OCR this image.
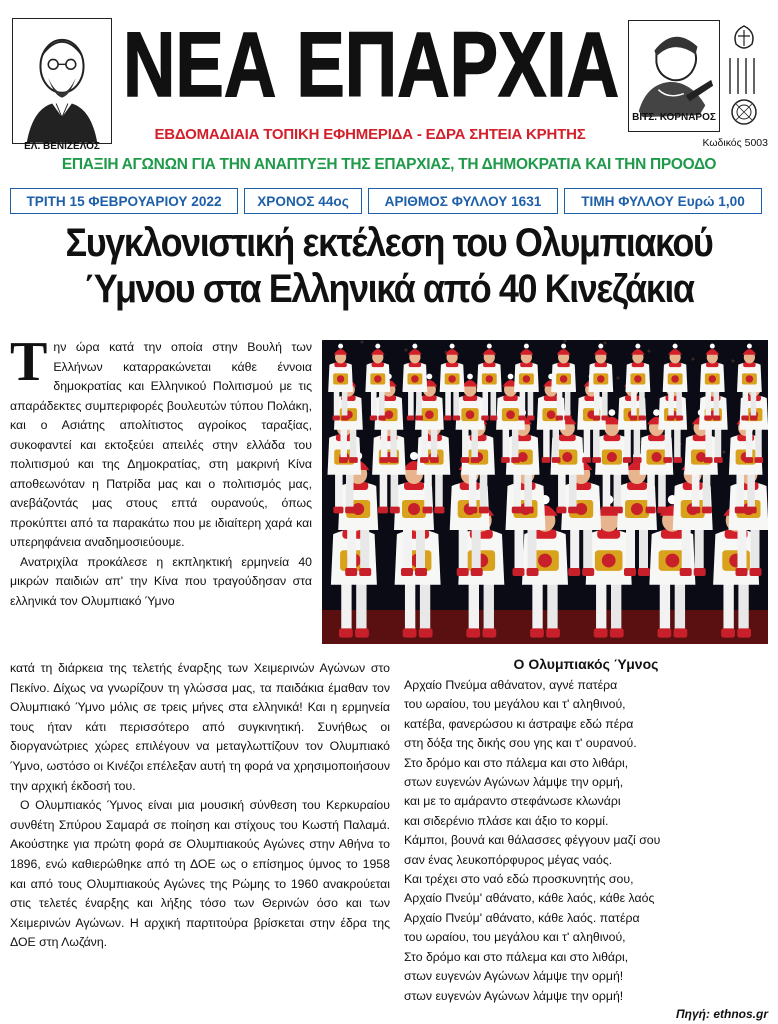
ΕΛ. ΒΕΝΙΖΕΛΟΣ
ΝΕΑ ΕΠΑΡΧΙΑ
ΒΙΤΣ. ΚΟΡΝΑΡΟΣ
Κωδικός 5003
ΕΒΔΟΜΑΔΙΑΙΑ ΤΟΠΙΚΗ ΕΦΗΜΕΡΙΔΑ - ΕΔΡΑ ΣΗΤΕΙΑ ΚΡΗΤΗΣ
ΕΠΑΞΙΗ ΑΓΩΝΩΝ ΓΙΑ ΤΗΝ ΑΝΑΠΤΥΞΗ ΤΗΣ ΕΠΑΡΧΙΑΣ, ΤΗ ΔΗΜΟΚΡΑΤΙΑ ΚΑΙ ΤΗΝ ΠΡΟΟΔΟ
ΤΡΙΤΗ 15 ΦΕΒΡΟΥΑΡΙΟΥ 2022	ΧΡΟΝΟΣ 44ος	ΑΡΙΘΜΟΣ ΦΥΛΛΟΥ 1631	ΤΙΜΗ ΦΥΛΛΟΥ Ευρώ 1,00
Συγκλονιστική εκτέλεση του Ολυμπιακού
Ύμνου στα Ελληνικά από 40 Κινεζάκια

Την ώρα κατά την οποία στην Βουλή των Ελλήνων καταρρακώνεται κάθε έννοια δημοκρατίας και Ελληνικού Πολιτισμού με τις απαράδεκτες συμπεριφορές βουλευτών τύπου Πολάκη, και ο Ασιάτης απολίτιστος αγροίκος ταραξίας, συκοφαντεί και εκτοξεύει απειλές στην ελλάδα του πολιτισμού και της Δημοκρατίας, στη μακρινή Κίνα αποθεωνόταν η Πατρίδα μας και ο πολιτισμός μας, ανεβάζοντάς μας στους επτά ουρανούς, όπως προκύπτει από τα παρακάτω που με ιδιαίτερη χαρά και υπερηφάνεια αναδημοσιεύουμε.

Ανατριχίλα προκάλεσε η εκπληκτική ερμηνεία 40 μικρών παιδιών απ' την Κίνα που τραγούδησαν στα ελληνικά τον Ολυμπιακό Ύμνο

κατά τη διάρκεια της τελετής έναρξης των Χειμερινών Αγώνων στο Πεκίνο. Δίχως να γνωρίζουν τη γλώσσα μας, τα παιδάκια έμαθαν τον Ολυμπιακό Ύμνο μόλις σε τρεις μήνες στα ελληνικά! Και η ερμηνεία τους ήταν κάτι περισσότερο από συγκινητική. Συνήθως οι διοργανώτριες χώρες επιλέγουν να μεταγλωττίζουν τον Ολυμπιακό Ύμνο, ωστόσο οι Κινέζοι επέλεξαν αυτή τη φορά να χρησιμοποιήσουν την αρχική έκδοσή του.

Ο Ολυμπιακός Ύμνος είναι μια μουσική σύνθεση του Κερκυραίου συνθέτη Σπύρου Σαμαρά σε ποίηση και στίχους του Κωστή Παλαμά. Ακούστηκε για πρώτη φορά σε Ολυμπιακούς Αγώνες στην Αθήνα το 1896, ενώ καθιερώθηκε από τη ΔΟΕ ως ο επίσημος ύμνος το 1958 και από τους Ολυμπιακούς Αγώνες της Ρώμης το 1960 ανακρούεται στις τελετές έναρξης και λήξης τόσο των Θερινών όσο και των Χειμερινών Αγώνων. Η αρχική παρτιτούρα βρίσκεται στην έδρα της ΔΟΕ στη Λωζάνη.

Ο Ολυμπιακός Ύμνος
Αρχαίο Πνεύμα αθάνατον, αγνέ πατέρα
του ωραίου, του μεγάλου και τ' αληθινού,
κατέβα, φανερώσου κι άστραψε εδώ πέρα
στη δόξα της δικής σου γης και τ' ουρανού.
Στο δρόμο και στο πάλεμα και στο λιθάρι,
στων ευγενών Αγώνων λάμψε την ορμή,
και με το αμάραντο στεφάνωσε κλωνάρι
και σιδερένιο πλάσε και άξιο το κορμί.
Κάμποι, βουνά και θάλασσες φέγγουν μαζί σου
σαν ένας λευκοπόρφυρος μέγας ναός.
Και τρέχει στο ναό εδώ προσκυνητής σου,
Αρχαίο Πνεύμ' αθάνατο, κάθε λαός, κάθε λαός
Αρχαίο Πνεύμ' αθάνατο, κάθε λαός. πατέρα
του ωραίου, του μεγάλου και τ' αληθινού,
Στο δρόμο και στο πάλεμα και στο λιθάρι,
στων ευγενών Αγώνων λάμψε την ορμή!
στων ευγενών Αγώνων λάμψε την ορμή!
Πηγή: ethnos.gr
